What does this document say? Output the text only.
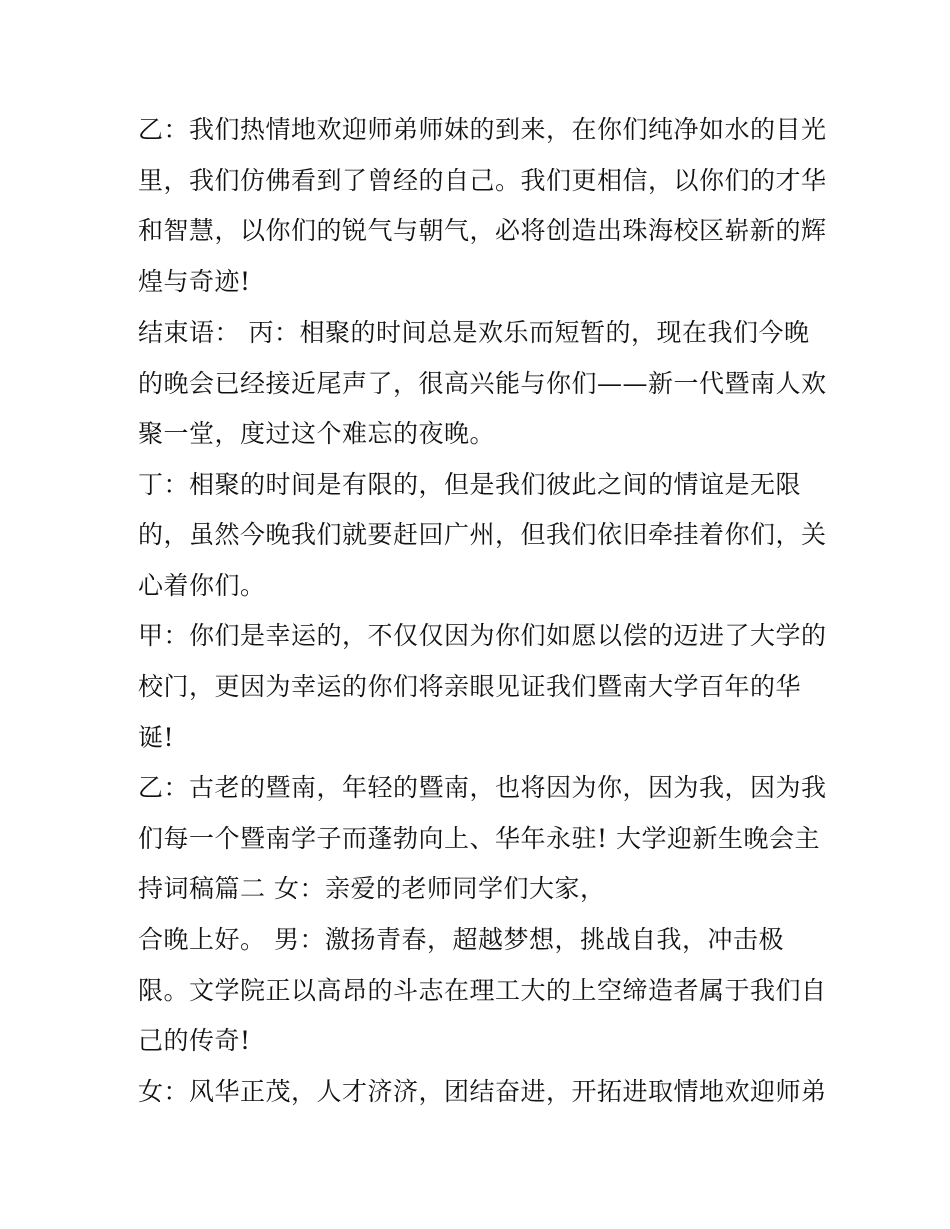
乙：我们热情地欢迎师弟师妹的到来，在你们纯净如水的目光
里，我们仿佛看到了曾经的自己。我们更相信，以你们的才华
和智慧，以你们的锐气与朝气，必将创造出珠海校区崭新的辉
煌与奇迹!
结束语： 丙：相聚的时间总是欢乐而短暂的，现在我们今晚
的晚会已经接近尾声了，很高兴能与你们——新一代暨南人欢
聚一堂，度过这个难忘的夜晚。
丁：相聚的时间是有限的，但是我们彼此之间的情谊是无限
的，虽然今晚我们就要赶回广州，但我们依旧牵挂着你们，关
心着你们。
甲：你们是幸运的，不仅仅因为你们如愿以偿的迈进了大学的
校门，更因为幸运的你们将亲眼见证我们暨南大学百年的华
诞!
乙：古老的暨南，年轻的暨南，也将因为你，因为我，因为我
们每一个暨南学子而蓬勃向上、华年永驻! 大学迎新生晚会主
持词稿篇二 女：亲爱的老师同学们大家，
合晚上好。 男：激扬青春，超越梦想，挑战自我，冲击极
限。文学院正以高昂的斗志在理工大的上空缔造者属于我们自
己的传奇!
女：风华正茂，人才济济，团结奋进，开拓进取情地欢迎师弟
